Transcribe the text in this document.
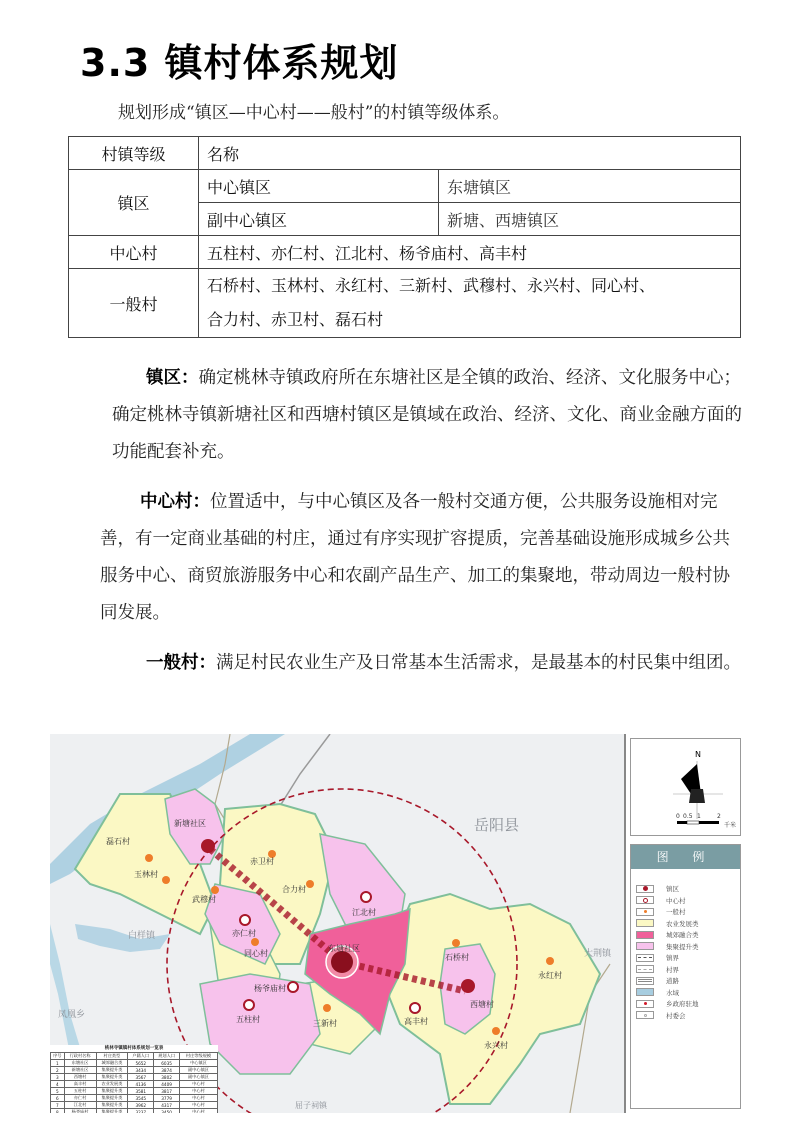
3.3 镇村体系规划
规划形成“镇区—中心村——般村”的村镇等级体系。
村镇等级	名称	
镇区	中心镇区	东塘镇区
	副中心镇区	新塘、西塘镇区
中心村	五柱村、亦仁村、江北村、杨爷庙村、高丰村	
一般村	石桥村、玉林村、永红村、三新村、武穆村、永兴村、同心村、
合力村、赤卫村、磊石村	
镇区：确定桃林寺镇政府所在东塘社区是全镇的政治、经济、文化服务中心；确定桃林寺镇新塘社区和西塘村镇区是镇域在政治、经济、文化、商业金融方面的功能配套补充。
中心村：位置适中，与中心镇区及各一般村交通方便，公共服务设施相对完善，有一定商业基础的村庄，通过有序实现扩容提质，完善基础设施形成城乡公共服务中心、商贸旅游服务中心和农副产品生产、加工的集聚地，带动周边一般村协同发展。
一般村：满足村民农业生产及日常基本生活需求，是最基本的村民集中组团。
岳阳县
白样镇
凤凰乡
大荆镇
屈子祠镇
新塘社区
东塘社区
西塘村
磊石村
玉林村
赤卫村
合力村
武穆村
江北村
亦仁村
同心村
杨爷庙村
五柱村	三新村	高丰村
石桥村
永红村
永兴村
桃林寺镇镇村体系规划一览表
序号	行政村名称	村庄类型	户籍人口	规划人口	村庄等级规模
1	东塘社区	城郊融合类	5652	6035	中心镇区
2	新塘社区	集聚提升类	3434	3874	副中心镇区
3	西塘村	集聚提升类	3567	3802	副中心镇区
4	高丰村	农业发展类	4136	4409	中心村
5	五柱村	集聚提升类	3581	3817	中心村
6	亦仁村	集聚提升类	3545	3779	中心村
7	江北村	集聚提升类	3962	4317	中心村
8	杨爷庙村	集聚提升类	3237	3450	中心村
N
0 0.5 1	2
千米
图 例
镇区
中心村
一般村
农业发展类
城郊融合类
集聚提升类
镇界
村界
道路
水域
乡政府驻地
村委会
